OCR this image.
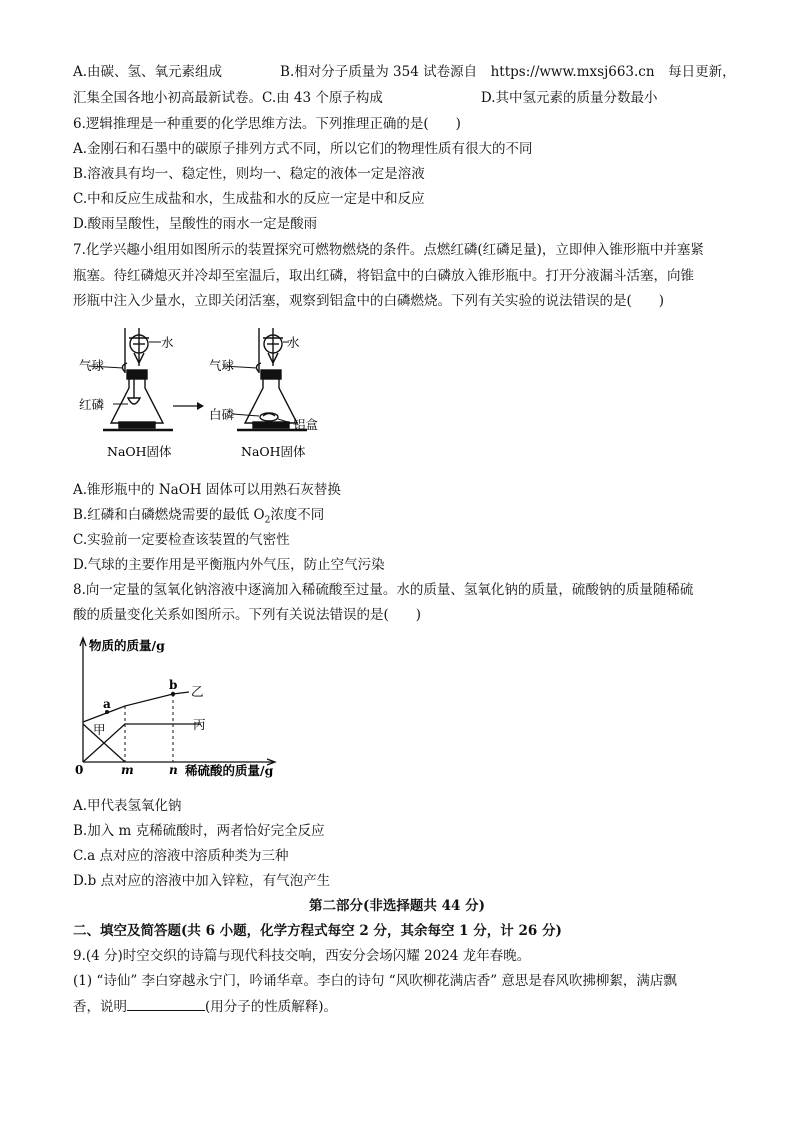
A.由碳、氢、氧元素组成	B.相对分子质量为 354 试卷源自　https://www.mxsj663.cn　每日更新，
汇集全国各地小初高最新试卷。C.由 43 个原子构成	D.其中氢元素的质量分数最小
6.逻辑推理是一种重要的化学思维方法。下列推理正确的是(　　)
A.金刚石和石墨中的碳原子排列方式不同，所以它们的物理性质有很大的不同
B.溶液具有均一、稳定性，则均一、稳定的液体一定是溶液
C.中和反应生成盐和水，生成盐和水的反应一定是中和反应
D.酸雨呈酸性，呈酸性的雨水一定是酸雨
7.化学兴趣小组用如图所示的装置探究可燃物燃烧的条件。点燃红磷(红磷足量)，立即伸入锥形瓶中并塞紧
瓶塞。待红磷熄灭并冷却至室温后，取出红磷，将铝盒中的白磷放入锥形瓶中。打开分液漏斗活塞，向锥
形瓶中注入少量水，立即关闭活塞，观察到铝盒中的白磷燃烧。下列有关实验的说法错误的是(　　)
气球
水
红磷
NaOH固体
气球
水
白磷
铝盒
NaOH固体
A.锥形瓶中的 NaOH 固体可以用熟石灰替换
B.红磷和白磷燃烧需要的最低 $O_2$浓度不同
C.实验前一定要检查该装置的气密性
D.气球的主要作用是平衡瓶内外气压，防止空气污染
8.向一定量的氢氧化钠溶液中逐滴加入稀硫酸至过量。水的质量、氢氧化钠的质量，硫酸钠的质量随稀硫
酸的质量变化关系如图所示。下列有关说法错误的是(　　)
物质的质量/g
稀硫酸的质量/g
0	m	n
甲
乙
丙
a
b
A.甲代表氢氧化钠
B.加入 m 克稀硫酸时，两者恰好完全反应
C.a 点对应的溶液中溶质种类为三种
D.b 点对应的溶液中加入锌粒，有气泡产生
第二部分(非选择题共 44 分)
二、填空及简答题(共 6 小题，化学方程式每空 2 分，其余每空 1 分，计 26 分)
9.(4 分)时空交织的诗篇与现代科技交响，西安分会场闪耀 2024 龙年春晚。
(1) “诗仙” 李白穿越永宁门，吟诵华章。李白的诗句 “风吹柳花满店香” 意思是春风吹拂柳絮，满店飘
香，说明	(用分子的性质解释)。
